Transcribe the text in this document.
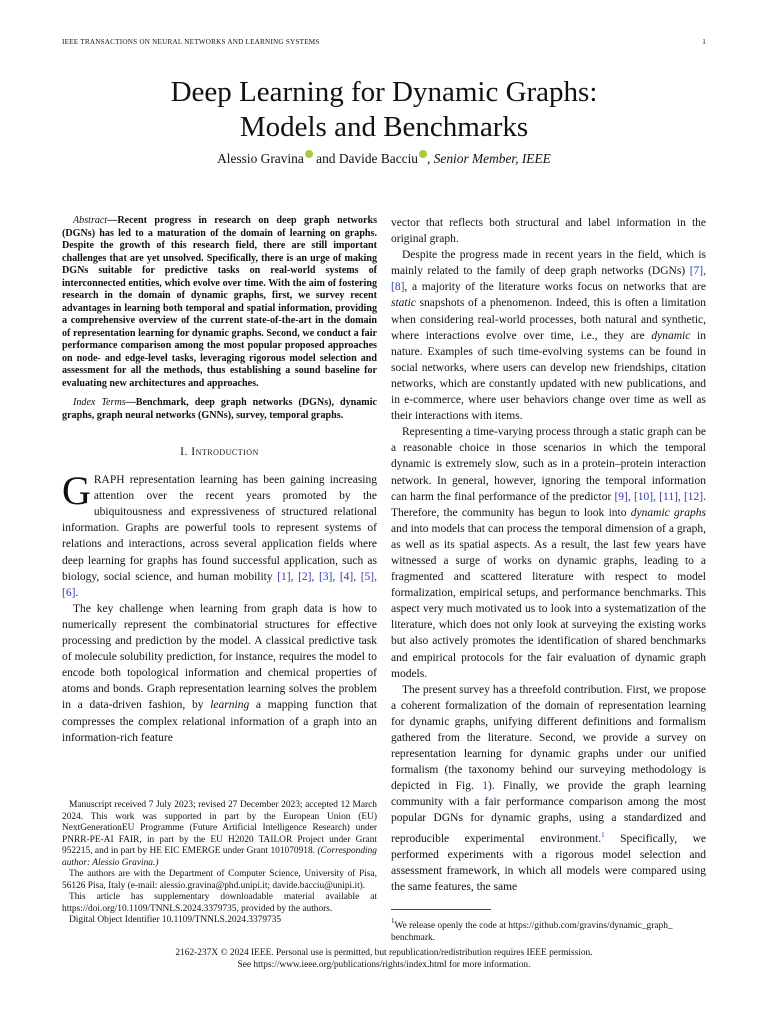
IEEE TRANSACTIONS ON NEURAL NETWORKS AND LEARNING SYSTEMS	1
Deep Learning for Dynamic Graphs:
Models and Benchmarks
Alessio Gravina and Davide Bacciu , Senior Member, IEEE

Abstract—Recent progress in research on deep graph networks (DGNs) has led to a maturation of the domain of learning on graphs. Despite the growth of this research field, there are still important challenges that are yet unsolved. Specifically, there is an urge of making DGNs suitable for predictive tasks on real-world systems of interconnected entities, which evolve over time. With the aim of fostering research in the domain of dynamic graphs, first, we survey recent advantages in learning both temporal and spatial information, providing a comprehensive overview of the current state-of-the-art in the domain of representation learning for dynamic graphs. Second, we conduct a fair performance comparison among the most popular proposed approaches on node- and edge-level tasks, leveraging rigorous model selection and assessment for all the methods, thus establishing a sound baseline for evaluating new architectures and approaches.

Index Terms—Benchmark, deep graph networks (DGNs), dynamic graphs, graph neural networks (GNNs), survey, temporal graphs.

I. Introduction

GRAPH representation learning has been gaining increasing attention over the recent years promoted by the ubiquitousness and expressiveness of structured relational information. Graphs are powerful tools to represent systems of relations and interactions, across several application fields where deep learning for graphs has found successful application, such as biology, social science, and human mobility [1], [2], [3], [4], [5], [6].

The key challenge when learning from graph data is how to numerically represent the combinatorial structures for effective processing and prediction by the model. A classical predictive task of molecule solubility prediction, for instance, requires the model to encode both topological information and chemical properties of atoms and bonds. Graph representation learning solves the problem in a data-driven fashion, by learning a mapping function that compresses the complex relational information of a graph into an information-rich feature

vector that reflects both structural and label information in the original graph.

Despite the progress made in recent years in the field, which is mainly related to the family of deep graph networks (DGNs) [7], [8], a majority of the literature works focus on networks that are static snapshots of a phenomenon. Indeed, this is often a limitation when considering real-world processes, both natural and synthetic, where interactions evolve over time, i.e., they are dynamic in nature. Examples of such time-evolving systems can be found in social networks, where users can develop new friendships, citation networks, which are constantly updated with new publications, and in e-commerce, where user behaviors change over time as well as their interactions with items.

Representing a time-varying process through a static graph can be a reasonable choice in those scenarios in which the temporal dynamic is extremely slow, such as in a protein–protein interaction network. In general, however, ignoring the temporal information can harm the final performance of the predictor [9], [10], [11], [12]. Therefore, the community has begun to look into dynamic graphs and into models that can process the temporal dimension of a graph, as well as its spatial aspects. As a result, the last few years have witnessed a surge of works on dynamic graphs, leading to a fragmented and scattered literature with respect to model formalization, empirical setups, and performance benchmarks. This aspect very much motivated us to look into a systematization of the literature, which does not only look at surveying the existing works but also actively promotes the identification of shared benchmarks and empirical protocols for the fair evaluation of dynamic graph models.

The present survey has a threefold contribution. First, we propose a coherent formalization of the domain of representation learning for dynamic graphs, unifying different definitions and formalism gathered from the literature. Second, we provide a survey on representation learning for dynamic graphs under our unified formalism (the taxonomy behind our surveying methodology is depicted in Fig. 1). Finally, we provide the graph learning community with a fair performance comparison among the most popular DGNs for dynamic graphs, using a standardized and reproducible experimental environment.$^1$ Specifically, we performed experiments with a rigorous model selection and assessment framework, in which all models were compared using the same features, the same

Manuscript received 7 July 2023; revised 27 December 2023; accepted 12 March 2024. This work was supported in part by the European Union (EU) NextGenerationEU Programme (Future Artificial Intelligence Research) under PNRR-PE-AI FAIR, in part by the EU H2020 TAILOR Project under Grant 952215, and in part by HE EIC EMERGE under Grant 101070918. (Corresponding author: Alessio Gravina.)

The authors are with the Department of Computer Science, University of Pisa, 56126 Pisa, Italy (e-mail: alessio.gravina@phd.unipi.it; davide.bacciu@unipi.it).

This article has supplementary downloadable material available at https://doi.org/10.1109/TNNLS.2024.3379735, provided by the authors.

Digital Object Identifier 10.1109/TNNLS.2024.3379735	$^1$We release openly the code at https://github.com/gravins/dynamic_graph_ benchmark.
2162-237X © 2024 IEEE. Personal use is permitted, but republication/redistribution requires IEEE permission.
See https://www.ieee.org/publications/rights/index.html for more information.
